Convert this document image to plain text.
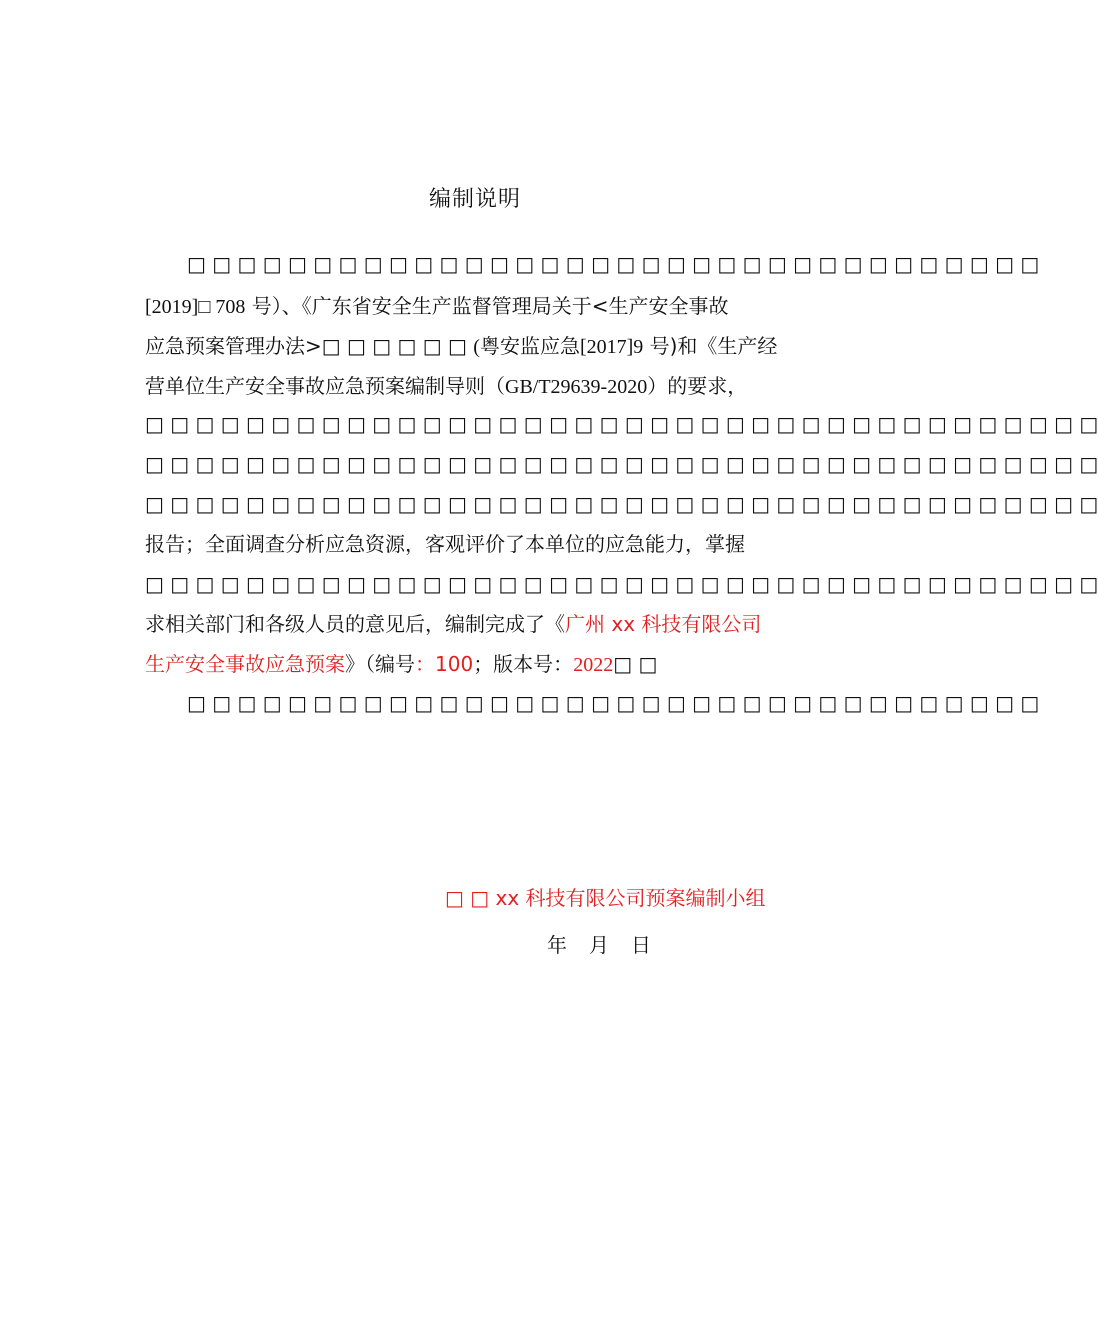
编制说明
□ □ □ □ □ □ □ □ □ □ □ □ □ □ □ □ □ □ □ □ □ □ □ □ □ □ □ □ □ □ □ □ □ □
[2019]□ 708 号）、《广东省安全生产监督管理局关于<生产安全事故
应急预案管理办法>□ □ □ □ □ □ (粤安监应急[2017]9 号)和《生产经
营单位生产安全事故应急预案编制导则（GB/T29639-2020）的要求，
□ □ □ □ □ □ □ □ □ □ □ □ □ □ □ □ □ □ □ □ □ □ □ □ □ □ □ □ □ □ □ □ □ □ □ □ □ □
□ □ □ □ □ □ □ □ □ □ □ □ □ □ □ □ □ □ □ □ □ □ □ □ □ □ □ □ □ □ □ □ □ □ □ □ □ □
□ □ □ □ □ □ □ □ □ □ □ □ □ □ □ □ □ □ □ □ □ □ □ □ □ □ □ □ □ □ □ □ □ □ □ □ □ □
报告；全面调查分析应急资源，客观评价了本单位的应急能力，掌握
□ □ □ □ □ □ □ □ □ □ □ □ □ □ □ □ □ □ □ □ □ □ □ □ □ □ □ □ □ □ □ □ □ □ □ □ □ □
求相关部门和各级人员的意见后，编制完成了《广州 xx 科技有限公司
生产安全事故应急预案》（编号：100；版本号：2022□ □
□ □ □ □ □ □ □ □ □ □ □ □ □ □ □ □ □ □ □ □ □ □ □ □ □ □ □ □ □ □ □ □ □ □
□ □ xx 科技有限公司预案编制小组
年 月 日
